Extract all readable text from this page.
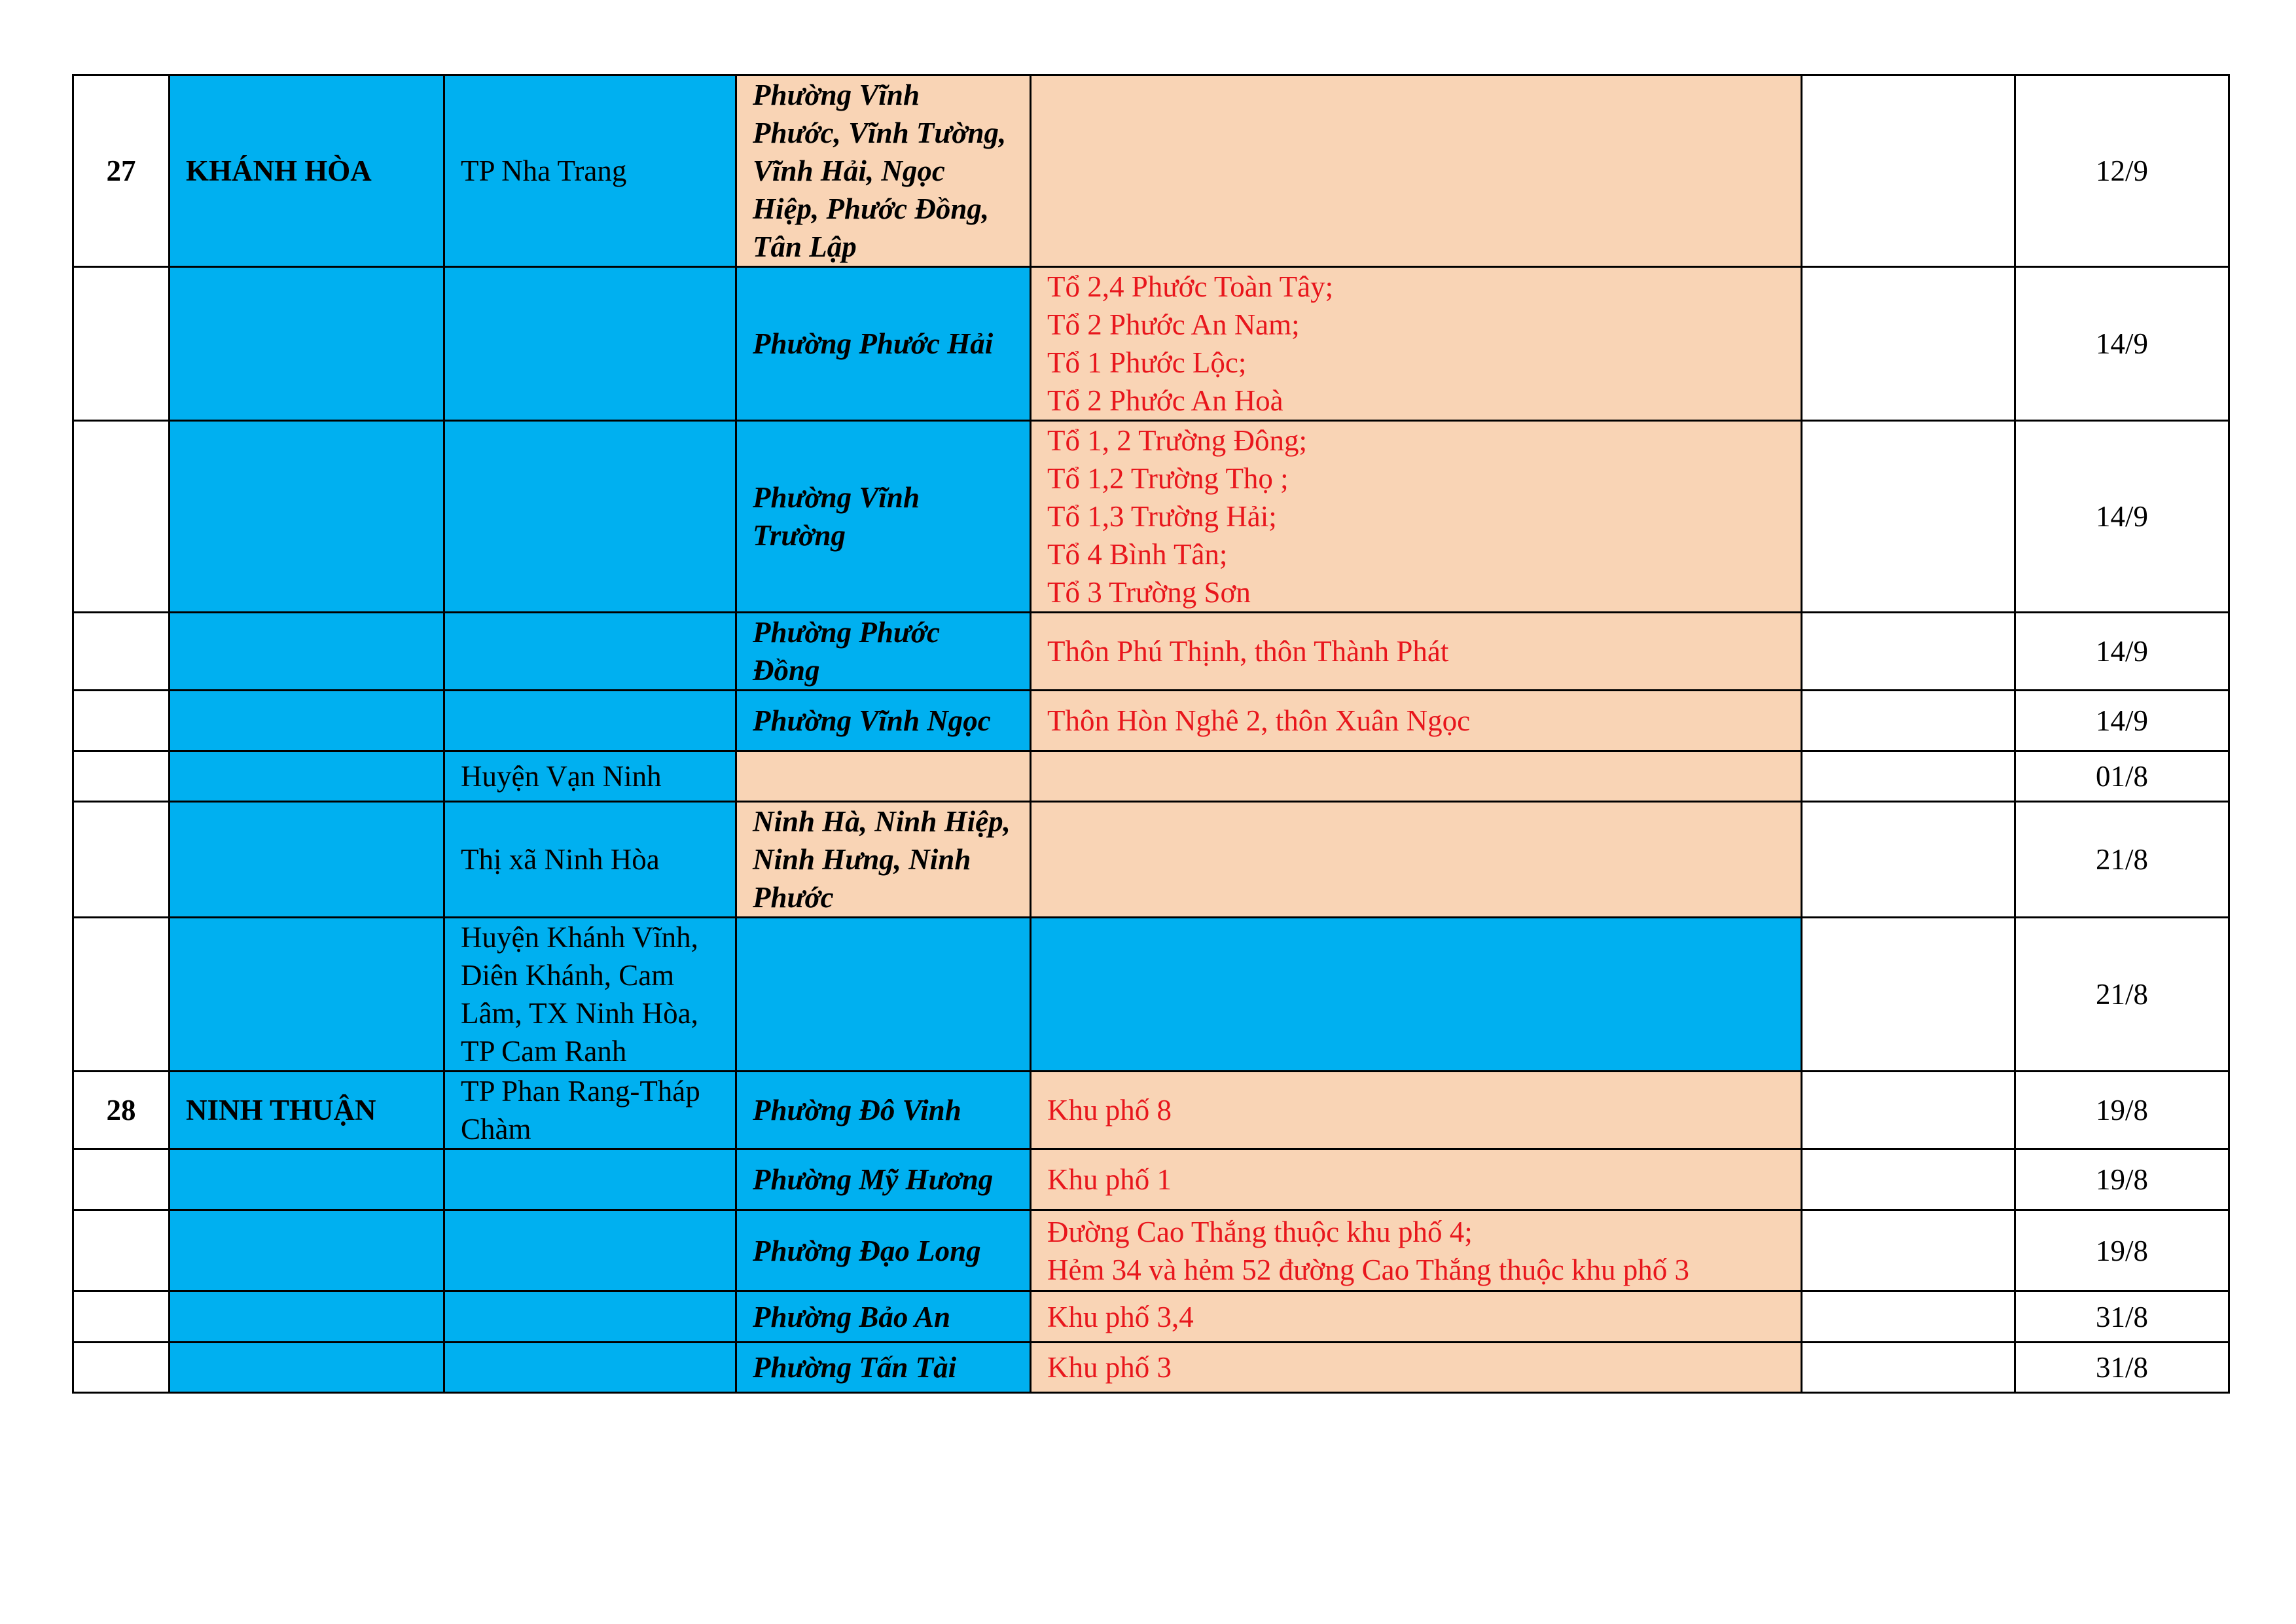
27	KHÁNH HÒA	TP Nha Trang	Phường Vĩnh Phước, Vĩnh Tường, Vĩnh Hải, Ngọc Hiệp, Phước Đồng, Tân Lập			12/9
			Phường Phước Hải	Tổ 2,4 Phước Toàn Tây;
Tổ 2 Phước An Nam;
Tổ 1 Phước Lộc;
Tổ 2 Phước An Hoà		14/9
			Phường Vĩnh Trường	Tổ 1, 2 Trường Đông;
Tổ 1,2 Trường Thọ ;
Tổ 1,3 Trường Hải;
Tổ 4 Bình Tân;
Tổ 3 Trường Sơn		14/9
			Phường Phước Đồng	Thôn Phú Thịnh, thôn Thành Phát		14/9
			Phường Vĩnh Ngọc	Thôn Hòn Nghê 2, thôn Xuân Ngọc		14/9
		Huyện Vạn Ninh				01/8
		Thị xã Ninh Hòa	Ninh Hà, Ninh Hiệp, Ninh Hưng, Ninh Phước			21/8
		Huyện Khánh Vĩnh, Diên Khánh, Cam Lâm, TX Ninh Hòa, TP Cam Ranh				21/8
28	NINH THUẬN	TP Phan Rang-Tháp Chàm	Phường Đô Vinh	Khu phố 8		19/8
			Phường Mỹ Hương	Khu phố 1		19/8
			Phường Đạo Long	Đường Cao Thắng thuộc khu phố 4;
Hẻm 34 và hẻm 52 đường Cao Thắng thuộc khu phố 3		19/8
			Phường Bảo An	Khu phố 3,4		31/8
			Phường Tấn Tài	Khu phố 3		31/8
